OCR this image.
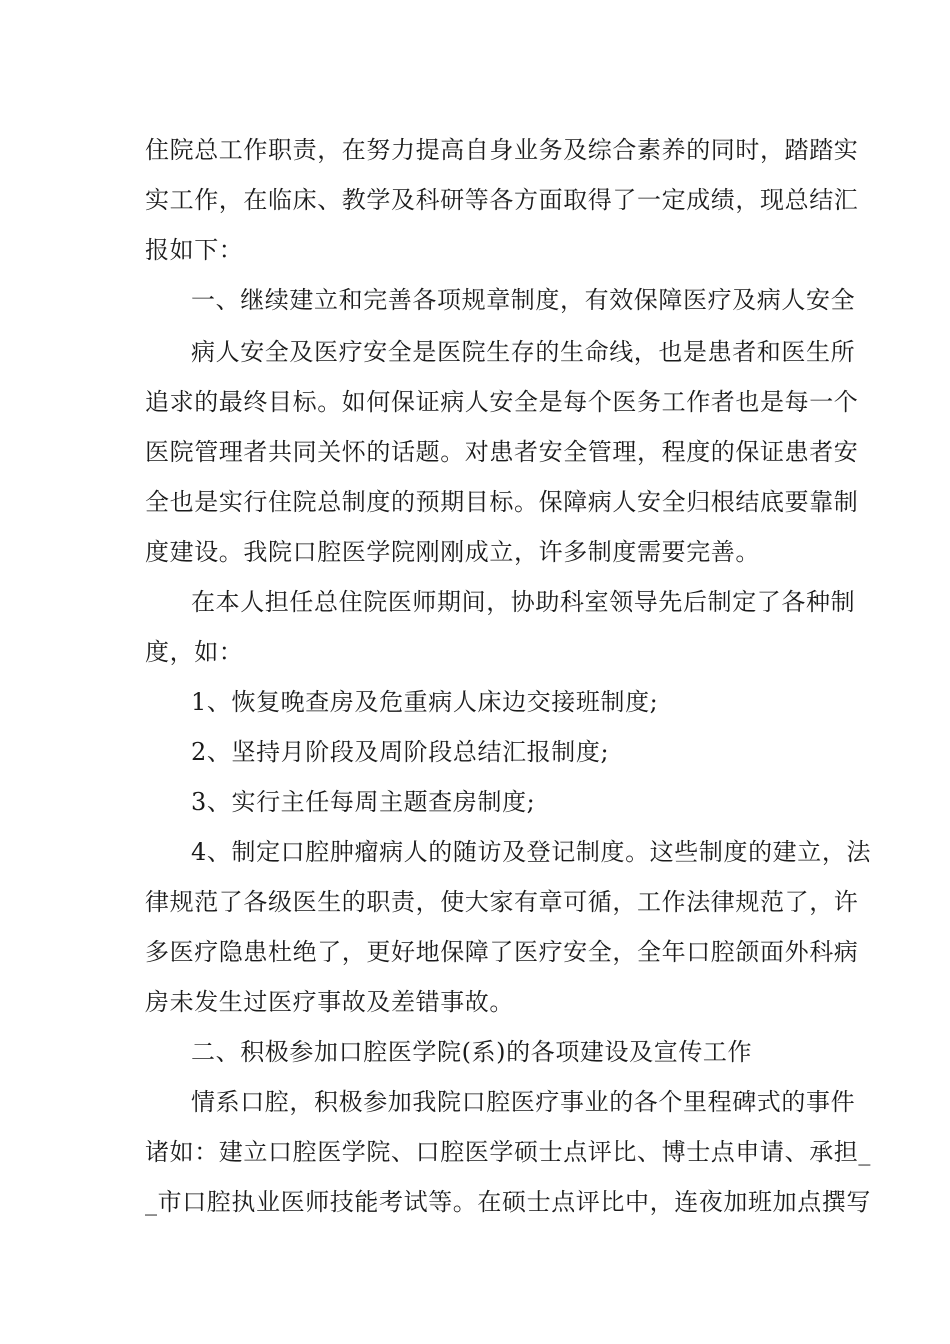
住院总工作职责，在努力提高自身业务及综合素养的同时，踏踏实
实工作，在临床、教学及科研等各方面取得了一定成绩，现总结汇
报如下：
一、继续建立和完善各项规章制度，有效保障医疗及病人安全
病人安全及医疗安全是医院生存的生命线，也是患者和医生所
追求的最终目标。如何保证病人安全是每个医务工作者也是每一个
医院管理者共同关怀的话题。对患者安全管理，程度的保证患者安
全也是实行住院总制度的预期目标。保障病人安全归根结底要靠制
度建设。我院口腔医学院刚刚成立，许多制度需要完善。
在本人担任总住院医师期间，协助科室领导先后制定了各种制
度，如：
1、恢复晚查房及危重病人床边交接班制度;
2、坚持月阶段及周阶段总结汇报制度;
3、实行主任每周主题查房制度;
4、制定口腔肿瘤病人的随访及登记制度。这些制度的建立，法
律规范了各级医生的职责，使大家有章可循，工作法律规范了，许
多医疗隐患杜绝了，更好地保障了医疗安全，全年口腔颌面外科病
房未发生过医疗事故及差错事故。
二、积极参加口腔医学院(系)的各项建设及宣传工作
情系口腔，积极参加我院口腔医疗事业的各个里程碑式的事件
诸如：建立口腔医学院、口腔医学硕士点评比、博士点申请、承担_
_市口腔执业医师技能考试等。在硕士点评比中，连夜加班加点撰写
